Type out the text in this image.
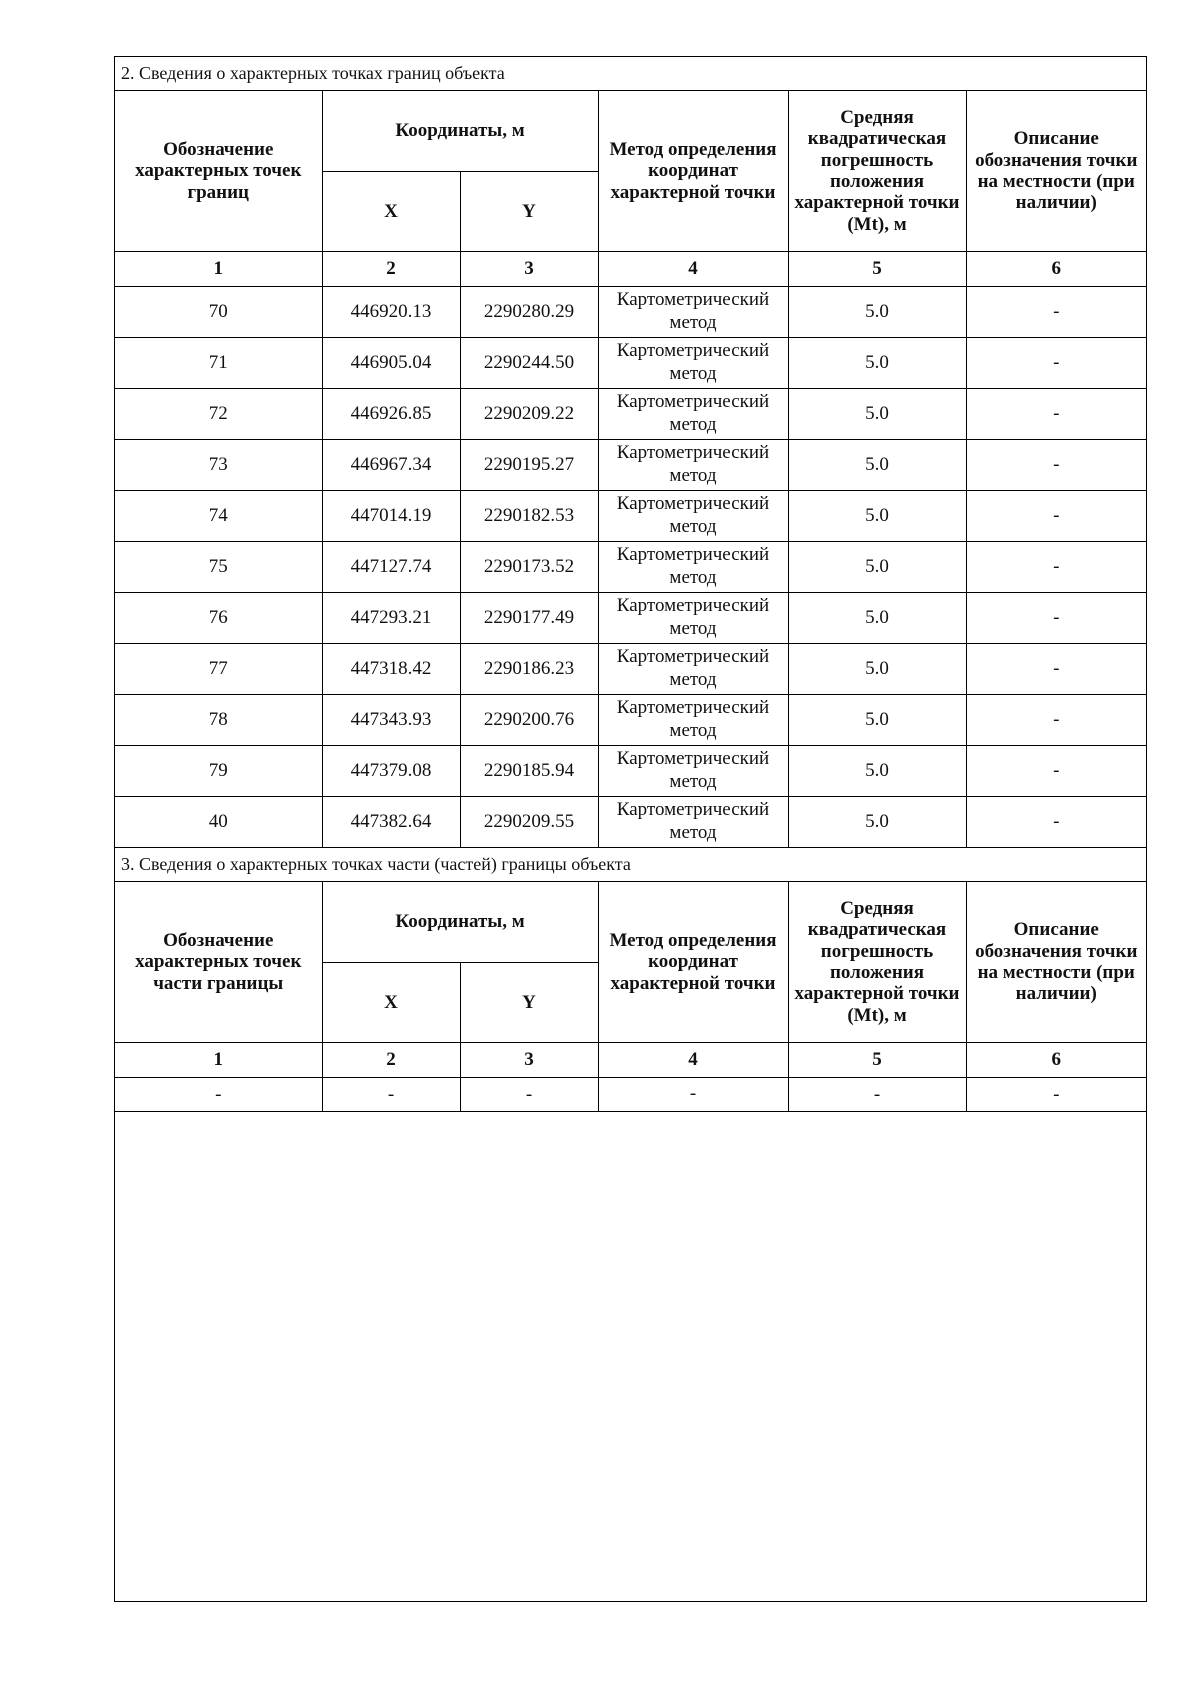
2. Сведения о характерных точках границ объекта					
Обозначение характерных точек границ	Координаты, м		Метод определения координат характерной точки	Средняя квадратическая погрешность положения характерной точки (Mt), м	Описание обозначения точки на местности (при наличии)
	X	Y			
1	2	3	4	5	6
70	446920.13	2290280.29	Картометрический метод	5.0	-
71	446905.04	2290244.50	Картометрический метод	5.0	-
72	446926.85	2290209.22	Картометрический метод	5.0	-
73	446967.34	2290195.27	Картометрический метод	5.0	-
74	447014.19	2290182.53	Картометрический метод	5.0	-
75	447127.74	2290173.52	Картометрический метод	5.0	-
76	447293.21	2290177.49	Картометрический метод	5.0	-
77	447318.42	2290186.23	Картометрический метод	5.0	-
78	447343.93	2290200.76	Картометрический метод	5.0	-
79	447379.08	2290185.94	Картометрический метод	5.0	-
40	447382.64	2290209.55	Картометрический метод	5.0	-
3. Сведения о характерных точках части (частей) границы объекта					
Обозначение характерных точек части границы	Координаты, м		Метод определения координат характерной точки	Средняя квадратическая погрешность положения характерной точки (Mt), м	Описание обозначения точки на местности (при наличии)
	X	Y			
1	2	3	4	5	6
-	-	-	-	-	-
